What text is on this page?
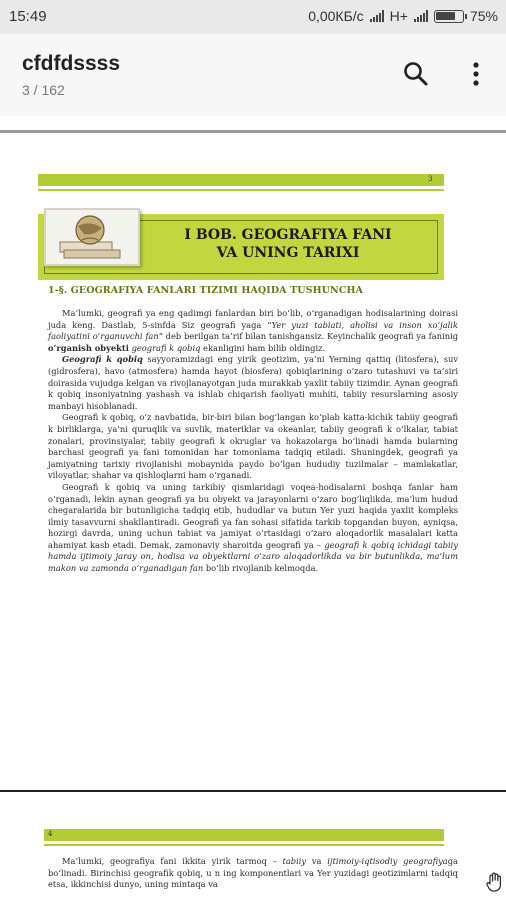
15:49	0,00КБ/с H+	75%
cfdfdssss
3 / 162
3
I BOB. GEOGRAFIYA FANI
VA UNING TARIXI
1-§. GEOGRAFIYA FANLARI TIZIMI HAQIDA TUSHUNCHA

Ma’lumki, geografi ya eng qadimgi fanlardan biri bo‘lib, o‘rganadigan hodisalarining doirasi juda keng. Dastlab, 5-sinfda Siz geografi yaga “Yer yuzi tabiati, aholisi va inson xo‘jalik faoliyatini o‘rganuvchi fan” deb berilgan ta’rif bilan tanishgansiz. Keyinchalik geografi ya faninig o‘rganish obyekti geografi k qobiq ekanligini ham bilib oldingiz.

Geografi k qobiq sayyoramizdagi eng yirik geotizim, ya’ni Yerning qattiq (litosfera), suv (gidrosfera), havo (atmosfera) hamda hayot (biosfera) qobiqlarining o‘zaro tutashuvi va ta’siri doirasida vujudga kelgan va rivojlanayotgan juda murakkab yaxlit tabiiy tizimdir. Aynan geografi k qobiq insoniyatning yashash va ishlab chiqarish faoliyati muhiti, tabiiy resurslarning asosiy manbayi hisoblanadi.

Geografi k qobiq, o‘z navbatida, bir-biri bilan bog‘langan ko‘plab katta-kichik tabiiy geografi k birliklarga, ya’ni quruqlik va suvlik, materiklar va okeanlar, tabiiy geografi k o‘lkalar, tabiat zonalari, provinsiyalar, tabiiy geografi k okruglar va hokazolarga bo‘linadi hamda bularning barchasi geografi ya fani tomonidan har tomonlama tadqiq etiladi. Shuningdek, geografi ya jamiyatning tarixiy rivojlanishi mobaynida paydo bo‘lgan hududiy tuzilmalar – mamlakatlar, viloyatlar, shahar va qishloqlarni ham o‘rganadi.

Geografi k qobiq va uning tarkibiy qismlaridagi voqea-hodisalarni boshqa fanlar ham o‘rganadi, lekin aynan geografi ya bu obyekt va jarayonlarni o‘zaro bog‘liqlikda, ma’lum hudud chegaralarida bir butunligicha tadqiq etib, hududlar va butun Yer yuzi haqida yaxlit kompleks ilmiy tasavvurni shakllantiradi. Geografi ya fan sohasi sifatida tarkib topgandan buyon, ayniqsa, hozirgi davrda, uning uchun tabiat va jamiyat o‘rtasidagi o‘zaro aloqadorlik masalalari katta ahamiyat kasb etadi. Demak, zamonaviy sharoitda geografi ya – geografi k qobiq ichidagi tabiiy hamda ijtimoiy jaray on, hodisa va obyektlarni o‘zaro aloqadorlikda va bir butunlikda, ma’lum makon va zamonda o‘rganadigan fan bo‘lib rivojlanib kelmoqda.

4

Ma’lumki, geografiya fani ikkita yirik tarmoq – tabiiy va ijtimoiy-iqtisodiy geografiyaga bo‘linadi. Birinchisi geografik qobiq, u n ing komponentlari va Yer yuzidagi geotizimlarni tadqiq etsa, ikkinchisi dunyo, uning mintaqa va
